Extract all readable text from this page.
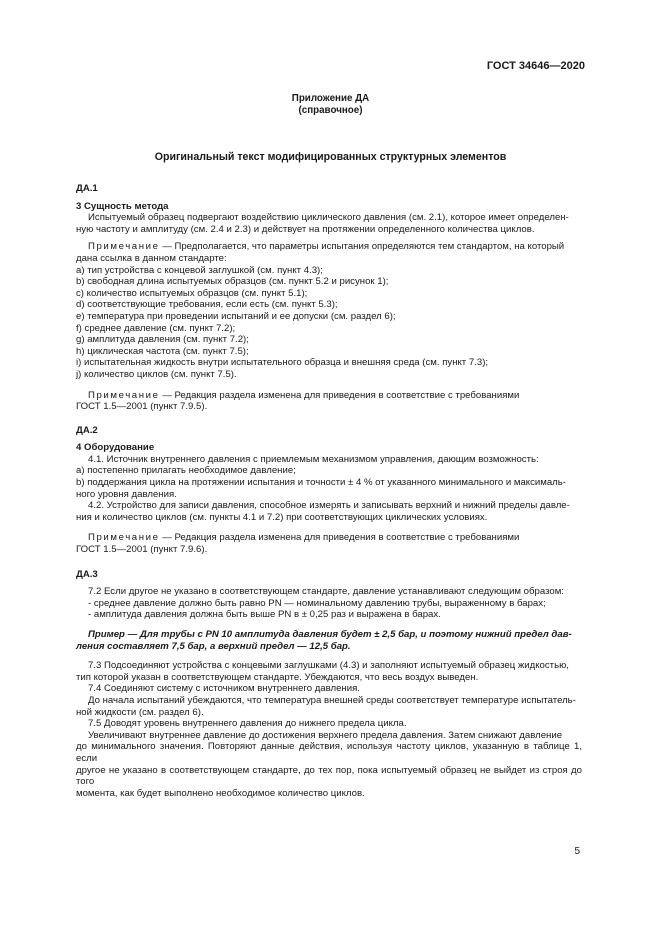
ГОСТ 34646—2020
Приложение ДА
(справочное)
Оригинальный текст модифицированных структурных элементов
ДА.1
3 Сущность метода
Испытуемый образец подвергают воздействию циклического давления (см. 2.1), которое имеет определен-
ную частоту и амплитуду (см. 2.4 и 2.3) и действует на протяжении определенного количества циклов.
Примечание — Предполагается, что параметры испытания определяются тем стандартом, на который
дана ссылка в данном стандарте:
a) тип устройства с концевой заглушкой (см. пункт 4.3);
b) свободная длина испытуемых образцов (см. пункт 5.2 и рисунок 1);
c) количество испытуемых образцов (см. пункт 5.1);
d) соответствующие требования, если есть (см. пункт 5.3);
e) температура при проведении испытаний и ее допуски (см. раздел 6);
f) среднее давление (см. пункт 7.2);
g) амплитуда давления (см. пункт 7.2);
h) циклическая частота (см. пункт 7.5);
i) испытательная жидкость внутри испытательного образца и внешняя среда (см. пункт 7.3);
j) количество циклов (см. пункт 7.5).
Примечание — Редакция раздела изменена для приведения в соответствие с требованиями
ГОСТ 1.5—2001 (пункт 7.9.5).
ДА.2
4 Оборудование
4.1. Источник внутреннего давления с приемлемым механизмом управления, дающим возможность:
a) постепенно прилагать необходимое давление;
b) поддержания цикла на протяжении испытания и точности ± 4 % от указанного минимального и максималь-
ного уровня давления.
4.2. Устройство для записи давления, способное измерять и записывать верхний и нижний пределы давле-
ния и количество циклов (см. пункты 4.1 и 7.2) при соответствующих циклических условиях.
Примечание — Редакция раздела изменена для приведения в соответствие с требованиями
ГОСТ 1.5—2001 (пункт 7.9.6).
ДА.3
7.2 Если другое не указано в соответствующем стандарте, давление устанавливают следующим образом:
- среднее давление должно быть равно PN — номинальному давлению трубы, выраженному в барах;
- амплитуда давления должна быть выше PN в ± 0,25 раз и выражена в барах.
Пример — Для трубы с PN 10 амплитуда давления будет ± 2,5 бар, и поэтому нижний предел дав-
ления составляет 7,5 бар, а верхний предел — 12,5 бар.
7.3 Подсоединяют устройства с концевыми заглушками (4.3) и заполняют испытуемый образец жидкостью,
тип которой указан в соответствующем стандарте. Убеждаются, что весь воздух выведен.
7.4 Соединяют систему с источником внутреннего давления.
До начала испытаний убеждаются, что температура внешней среды соответствует температуре испытатель-
ной жидкости (см. раздел 6).
7.5 Доводят уровень внутреннего давления до нижнего предела цикла.
Увеличивают внутреннее давление до достижения верхнего предела давления. Затем снижают давление
до минимального значения. Повторяют данные действия, используя частоту циклов, указанную в таблице 1, если
другое не указано в соответствующем стандарте, до тех пор, пока испытуемый образец не выйдет из строя до того
момента, как будет выполнено необходимое количество циклов.
5
